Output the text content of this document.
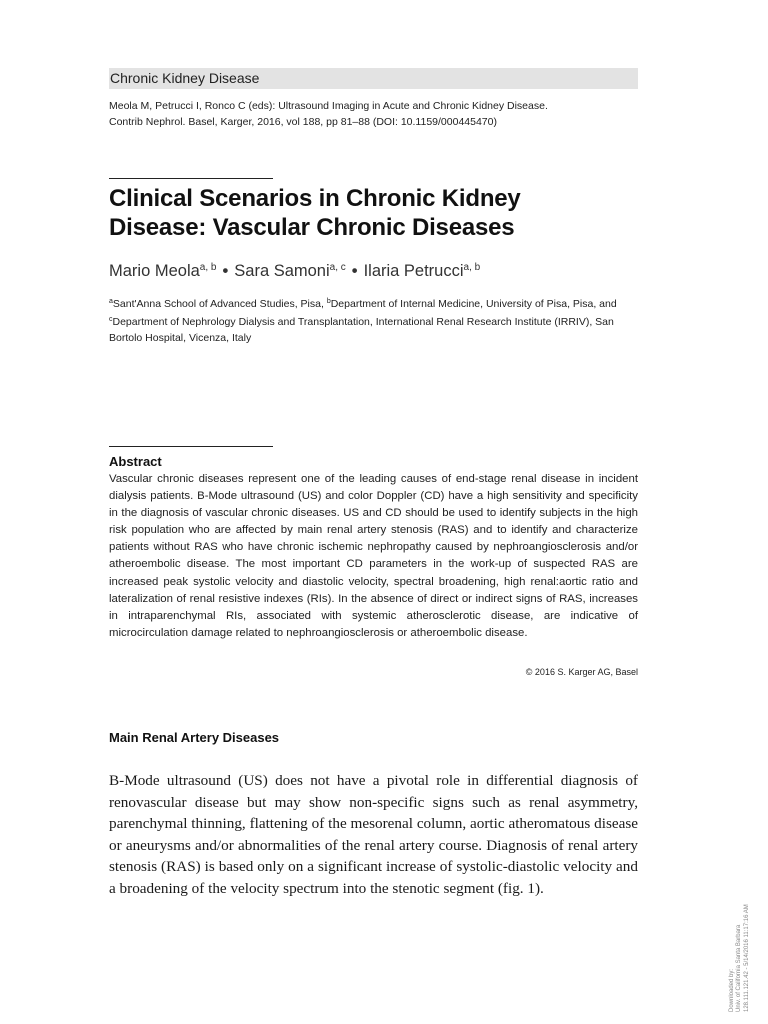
Chronic Kidney Disease
Meola M, Petrucci I, Ronco C (eds): Ultrasound Imaging in Acute and Chronic Kidney Disease.
Contrib Nephrol. Basel, Karger, 2016, vol 188, pp 81–88 (DOI: 10.1159/000445470)
Clinical Scenarios in Chronic Kidney
Disease: Vascular Chronic Diseases
Mario Meola$^{a, b}$ • Sara Samoni$^{a, c}$ • Ilaria Petrucci$^{a, b}$
$^a$Sant'Anna School of Advanced Studies, Pisa, $^b$Department of Internal Medicine, University of Pisa, Pisa, and $^c$Department of Nephrology Dialysis and Transplantation, International Renal Research Institute (IRRIV), San Bortolo Hospital, Vicenza, Italy
Abstract
Vascular chronic diseases represent one of the leading causes of end-stage renal disease in incident dialysis patients. B-Mode ultrasound (US) and color Doppler (CD) have a high sensitivity and specificity in the diagnosis of vascular chronic diseases. US and CD should be used to identify subjects in the high risk population who are affected by main renal artery stenosis (RAS) and to identify and characterize patients without RAS who have chronic ischemic nephropathy caused by nephroangiosclerosis and/or atheroembolic disease. The most important CD parameters in the work-up of suspected RAS are increased peak systolic velocity and diastolic velocity, spectral broadening, high renal:aortic ratio and lateralization of renal resistive indexes (RIs). In the absence of direct or indirect signs of RAS, increases in intraparenchymal RIs, associated with systemic atherosclerotic disease, are indicative of microcirculation damage related to nephroangiosclerosis or atheroembolic disease.
© 2016 S. Karger AG, Basel
Main Renal Artery Diseases
B-Mode ultrasound (US) does not have a pivotal role in differential diagnosis of renovascular disease but may show non-specific signs such as renal asymmetry, parenchymal thinning, flattening of the mesorenal column, aortic atheromatous disease or aneurysms and/or abnormalities of the renal artery course. Diagnosis of renal artery stenosis (RAS) is based only on a significant increase of systolic-diastolic velocity and a broadening of the velocity spectrum into the stenotic segment (fig. 1).
Downloaded by: Univ. of California Santa Barbara 128.111.121.42 - 5/14/2016 11:17:16 AM
